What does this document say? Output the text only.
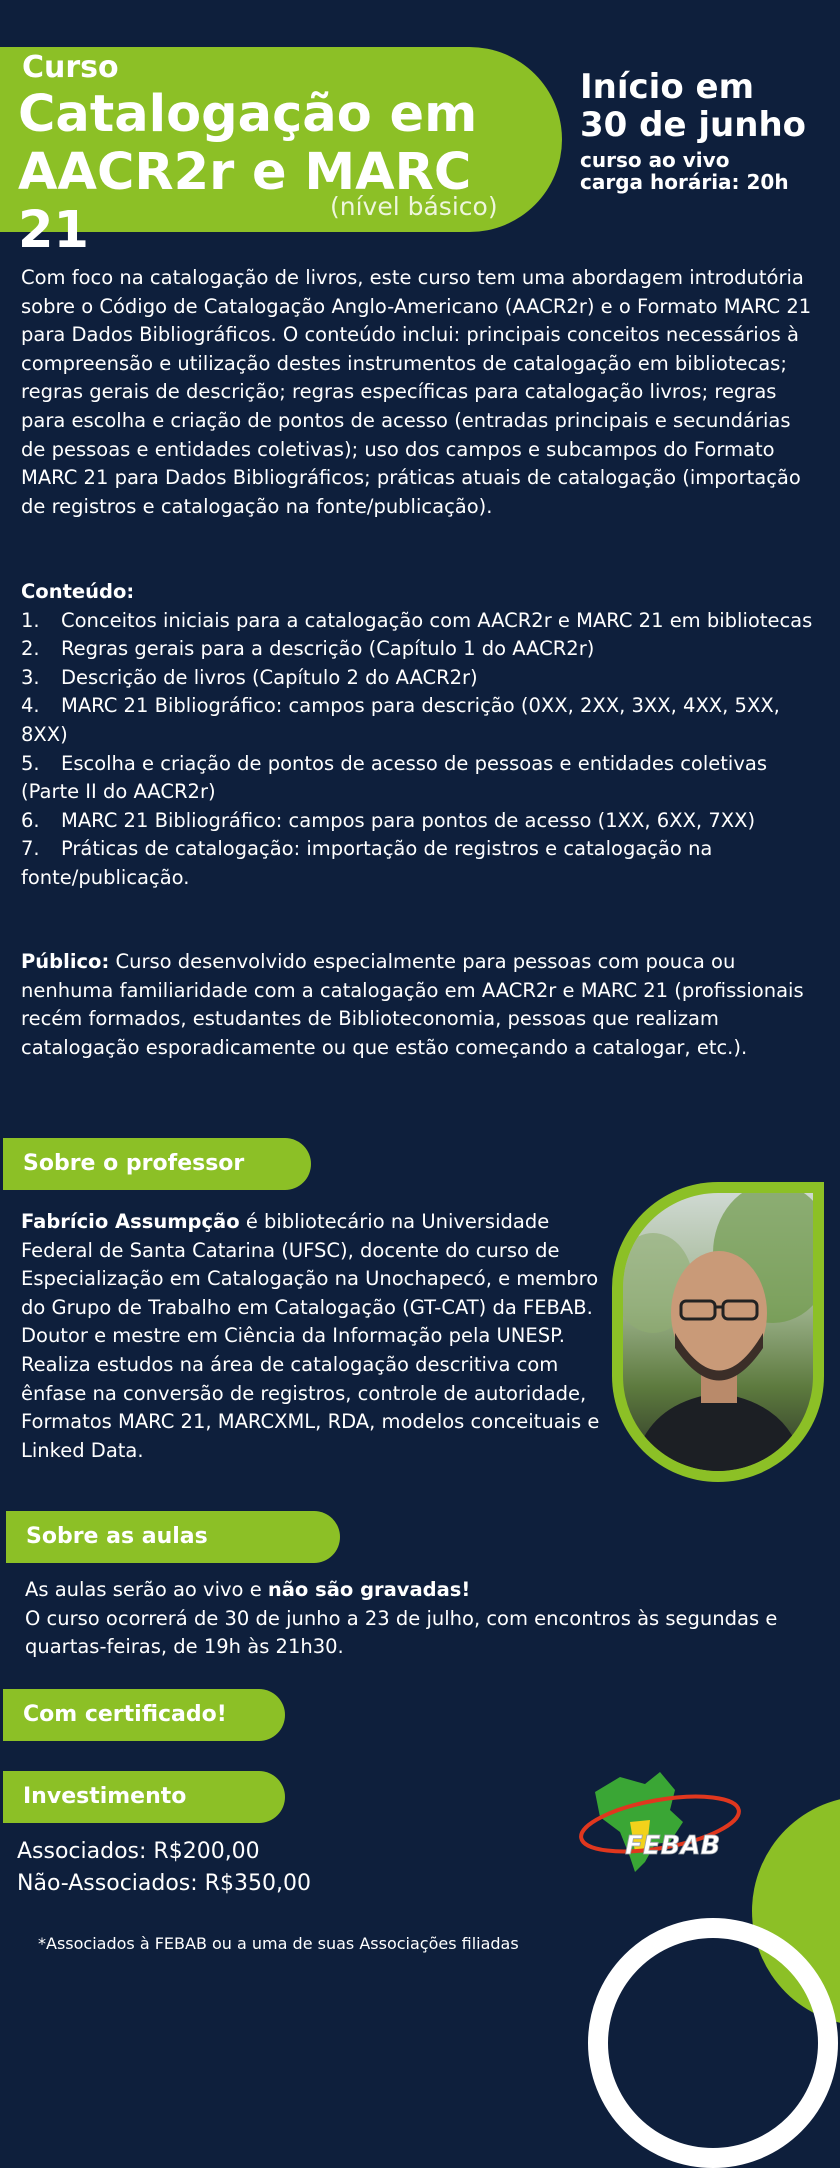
Curso
Catalogação em
AACR2r e MARC 21	(nível básico)
Início em
30 de junho
curso ao vivo
carga horária: 20h
Com foco na catalogação de livros, este curso tem uma abordagem introdutória sobre o Código de Catalogação Anglo-Americano (AACR2r) e o Formato MARC 21 para Dados Bibliográficos. O conteúdo inclui: principais conceitos necessários à compreensão e utilização destes instrumentos de catalogação em bibliotecas; regras gerais de descrição; regras específicas para catalogação livros; regras para escolha e criação de pontos de acesso (entradas principais e secundárias de pessoas e entidades coletivas); uso dos campos e subcampos do Formato MARC 21 para Dados Bibliográficos; práticas atuais de catalogação (importação de registros e catalogação na fonte/publicação).
Conteúdo:
1. Conceitos iniciais para a catalogação com AACR2r e MARC 21 em bibliotecas
2. Regras gerais para a descrição (Capítulo 1 do AACR2r)
3. Descrição de livros (Capítulo 2 do AACR2r)
4. MARC 21 Bibliográfico: campos para descrição (0XX, 2XX, 3XX, 4XX, 5XX, 8XX)
5. Escolha e criação de pontos de acesso de pessoas e entidades coletivas (Parte II do AACR2r)
6. MARC 21 Bibliográfico: campos para pontos de acesso (1XX, 6XX, 7XX)
7. Práticas de catalogação: importação de registros e catalogação na fonte/publicação.
Público: Curso desenvolvido especialmente para pessoas com pouca ou nenhuma familiaridade com a catalogação em AACR2r e MARC 21 (profissionais recém formados, estudantes de Biblioteconomia, pessoas que realizam catalogação esporadicamente ou que estão começando a catalogar, etc.).
Sobre o professor
Fabrício Assumpção é bibliotecário na Universidade Federal de Santa Catarina (UFSC), docente do curso de Especialização em Catalogação na Unochapecó, e membro do Grupo de Trabalho em Catalogação (GT-CAT) da FEBAB. Doutor e mestre em Ciência da Informação pela UNESP. Realiza estudos na área de catalogação descritiva com ênfase na conversão de registros, controle de autoridade, Formatos MARC 21, MARCXML, RDA, modelos conceituais e Linked Data.
Sobre as aulas
As aulas serão ao vivo e não são gravadas!
O curso ocorrerá de 30 de junho a 23 de julho, com encontros às segundas e quartas-feiras, de 19h às 21h30.
Com certificado!
Investimento
Associados: R$200,00
Não-Associados: R$350,00
*Associados à FEBAB ou a uma de suas Associações filiadas
FEBAB
